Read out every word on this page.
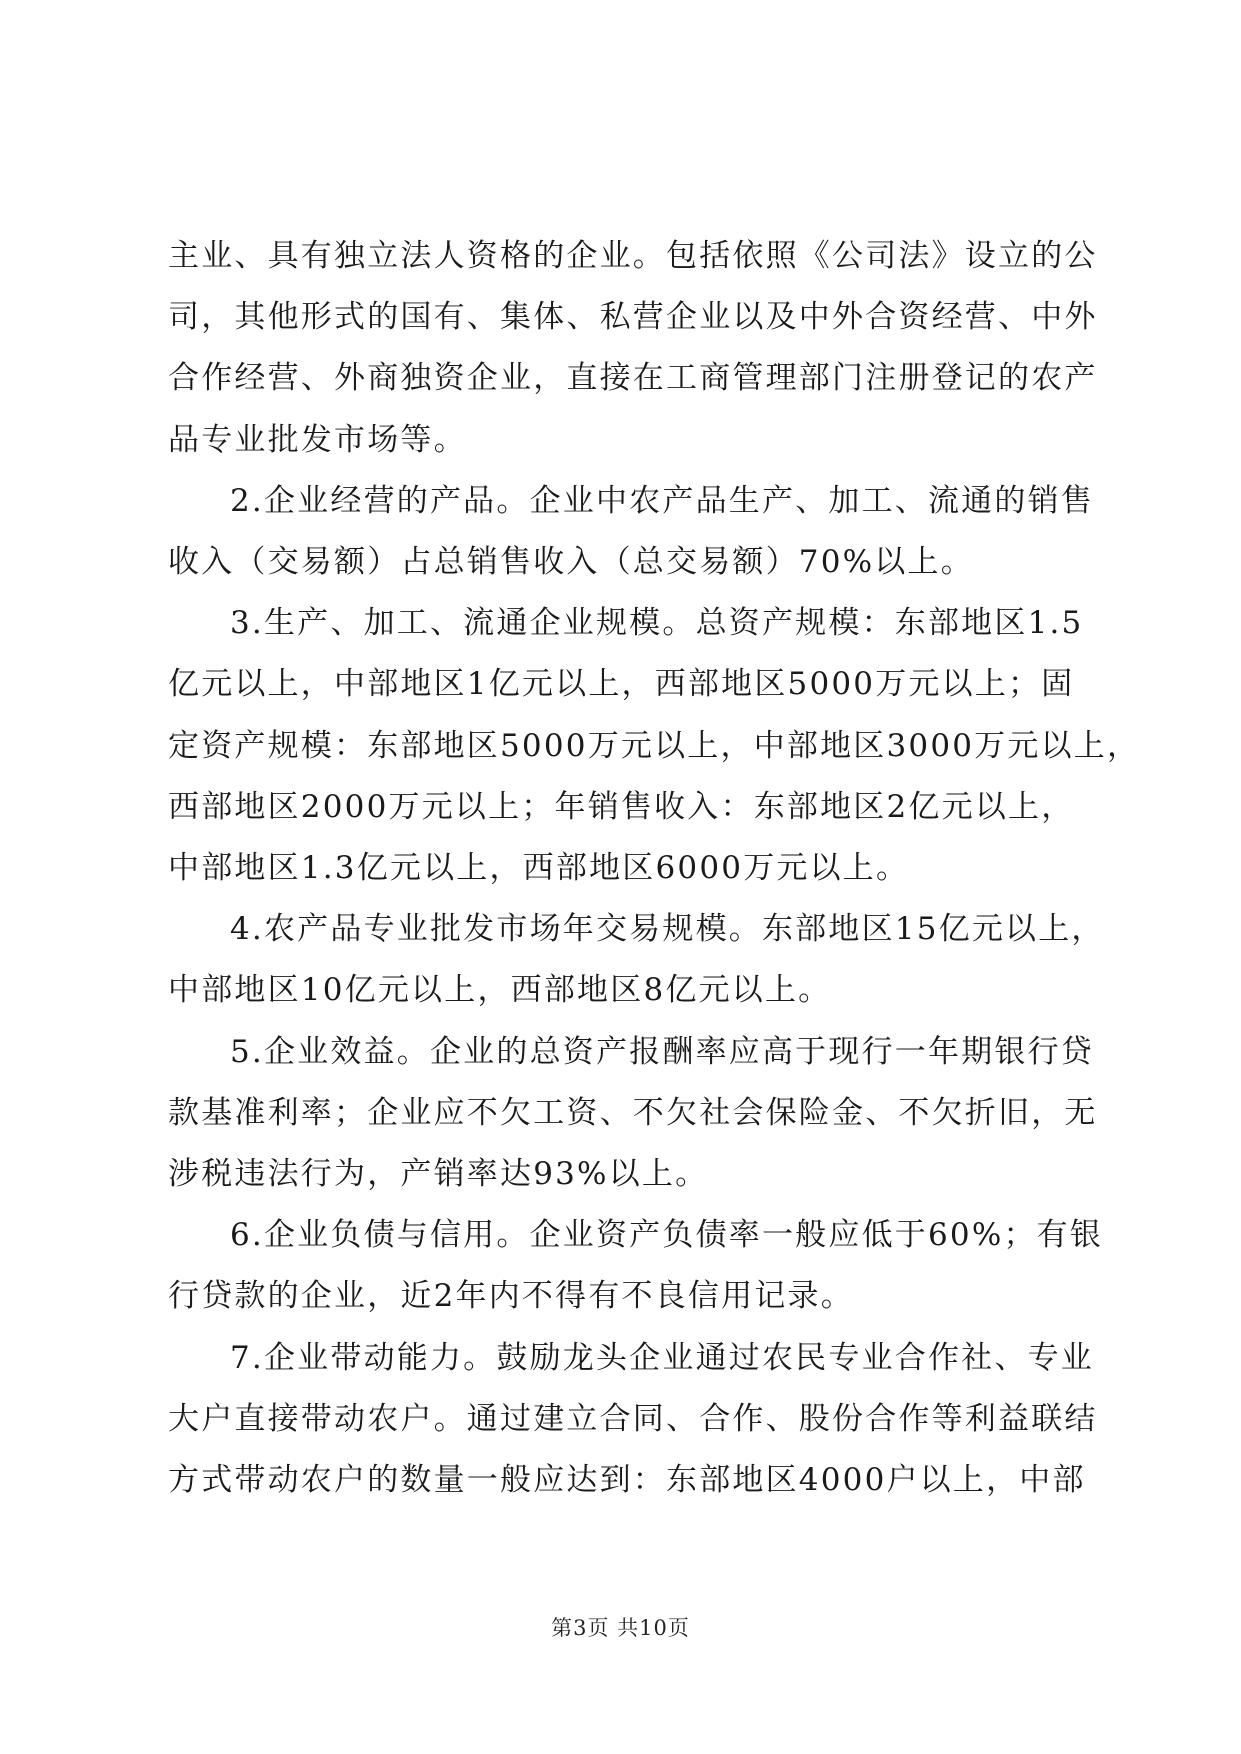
主业、具有独立法人资格的企业。包括依照《公司法》设立的公
司，其他形式的国有、集体、私营企业以及中外合资经营、中外
合作经营、外商独资企业，直接在工商管理部门注册登记的农产
品专业批发市场等。

2.企业经营的产品。企业中农产品生产、加工、流通的销售
收入（交易额）占总销售收入（总交易额）70%以上。

3.生产、加工、流通企业规模。总资产规模：东部地区1.5
亿元以上，中部地区1亿元以上，西部地区5000万元以上；固
定资产规模：东部地区5000万元以上，中部地区3000万元以上，
西部地区2000万元以上；年销售收入：东部地区2亿元以上，
中部地区1.3亿元以上，西部地区6000万元以上。

4.农产品专业批发市场年交易规模。东部地区15亿元以上，
中部地区10亿元以上，西部地区8亿元以上。

5.企业效益。企业的总资产报酬率应高于现行一年期银行贷
款基准利率；企业应不欠工资、不欠社会保险金、不欠折旧，无
涉税违法行为，产销率达93%以上。

6.企业负债与信用。企业资产负债率一般应低于60%；有银
行贷款的企业，近2年内不得有不良信用记录。

7.企业带动能力。鼓励龙头企业通过农民专业合作社、专业
大户直接带动农户。通过建立合同、合作、股份合作等利益联结
方式带动农户的数量一般应达到：东部地区4000户以上，中部

第3页 共10页
